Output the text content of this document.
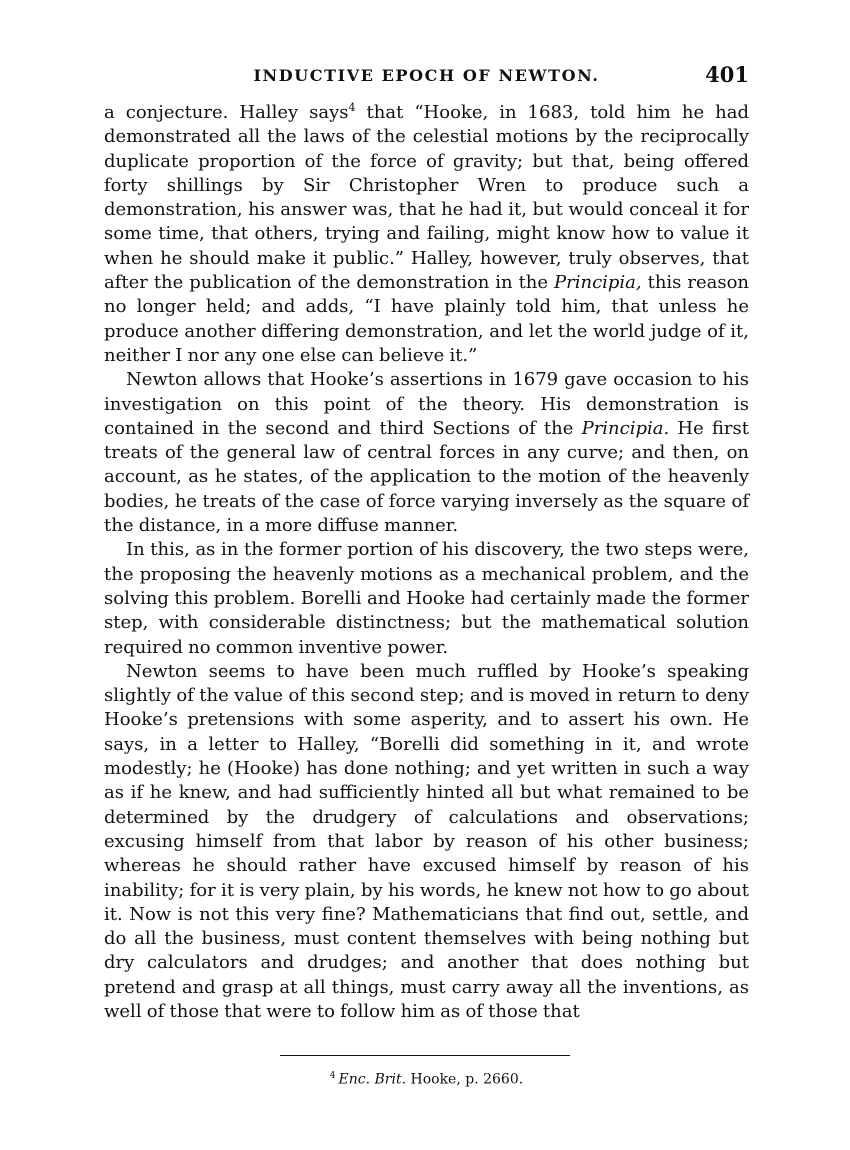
INDUCTIVE EPOCH OF NEWTON.	401

a conjecture. Halley says$^4$ that “Hooke, in 1683, told him he had demonstrated all the laws of the celestial motions by the reciprocally duplicate proportion of the force of gravity; but that, being offered forty shillings by Sir Christopher Wren to produce such a demonstration, his answer was, that he had it, but would conceal it for some time, that others, trying and failing, might know how to value it when he should make it public.” Halley, however, truly observes, that after the publication of the demonstration in the Principia, this reason no longer held; and adds, “I have plainly told him, that unless he produce another differing demonstration, and let the world judge of it, neither I nor any one else can believe it.”

Newton allows that Hooke’s assertions in 1679 gave occasion to his investigation on this point of the theory. His demonstration is contained in the second and third Sections of the Principia. He first treats of the general law of central forces in any curve; and then, on account, as he states, of the application to the motion of the heavenly bodies, he treats of the case of force varying inversely as the square of the distance, in a more diffuse manner.

In this, as in the former portion of his discovery, the two steps were, the proposing the heavenly motions as a mechanical problem, and the solving this problem. Borelli and Hooke had certainly made the former step, with considerable distinctness; but the mathematical solution required no common inventive power.

Newton seems to have been much ruffled by Hooke’s speaking slightly of the value of this second step; and is moved in return to deny Hooke’s pretensions with some asperity, and to assert his own. He says, in a letter to Halley, “Borelli did something in it, and wrote modestly; he (Hooke) has done nothing; and yet written in such a way as if he knew, and had sufficiently hinted all but what remained to be determined by the drudgery of calculations and observations; excusing himself from that labor by reason of his other business; whereas he should rather have excused himself by reason of his inability; for it is very plain, by his words, he knew not how to go about it. Now is not this very fine? Mathematicians that find out, settle, and do all the business, must content themselves with being nothing but dry calculators and drudges; and another that does nothing but pretend and grasp at all things, must carry away all the inventions, as well of those that were to follow him as of those that

$^4$ Enc. Brit. Hooke, p. 2660.
